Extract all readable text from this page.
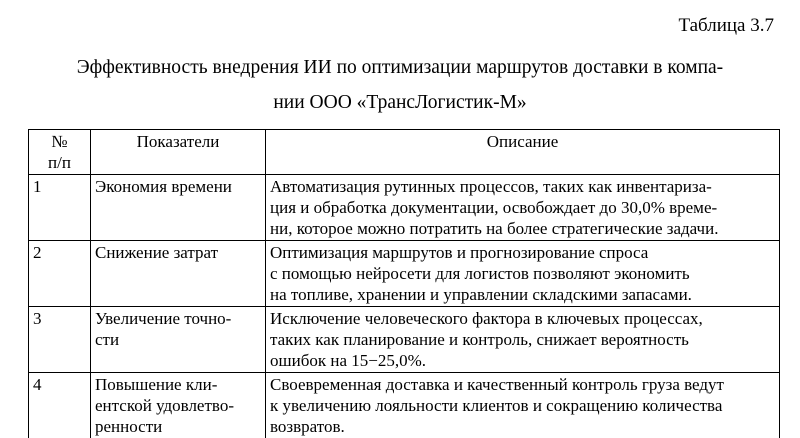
Таблица 3.7
Эффективность внедрения ИИ по оптимизации маршрутов доставки в компа-
нии ООО «ТрансЛогистик-М»
№
п/п	Показатели	Описание
1	Экономия времени	Автоматизация рутинных процессов, таких как инвентариза-
ция и обработка документации, освобождает до 30,0% време-
ни, которое можно потратить на более стратегические задачи.

2	Снижение затрат	Оптимизация маршрутов и прогнозирование спроса
с помощью нейросети для логистов позволяют экономить
на топливе, хранении и управлении складскими запасами.

3	Увеличение точно-
сти	Исключение человеческого фактора в ключевых процессах,
таких как планирование и контроль, снижает вероятность
ошибок на 15−25,0%.

4	Повышение кли-
ентской удовлетво-
ренности	Своевременная доставка и качественный контроль груза ведут
к увеличению лояльности клиентов и сокращению количества
возвратов.
